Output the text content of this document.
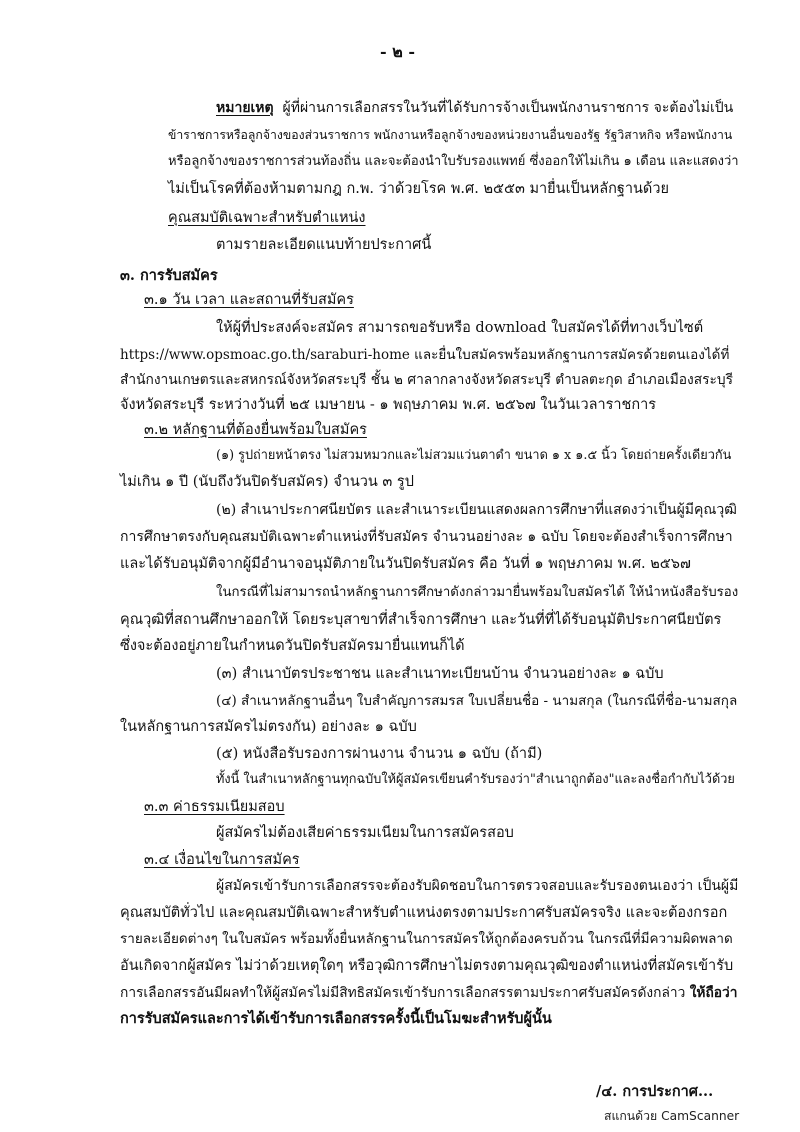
- ๒ -
หมายเหตุ ผู้ที่ผ่านการเลือกสรรในวันที่ได้รับการจ้างเป็นพนักงานราชการ จะต้องไม่เป็น
ข้าราชการหรือลูกจ้างของส่วนราชการ พนักงานหรือลูกจ้างของหน่วยงานอื่นของรัฐ รัฐวิสาหกิจ หรือพนักงาน
หรือลูกจ้างของราชการส่วนท้องถิ่น และจะต้องนำใบรับรองแพทย์ ซึ่งออกให้ไม่เกิน ๑ เดือน และแสดงว่า
ไม่เป็นโรคที่ต้องห้ามตามกฎ ก.พ. ว่าด้วยโรค พ.ศ. ๒๕๕๓ มายื่นเป็นหลักฐานด้วย
คุณสมบัติเฉพาะสำหรับตำแหน่ง
ตามรายละเอียดแนบท้ายประกาศนี้
๓. การรับสมัคร
๓.๑ วัน เวลา และสถานที่รับสมัคร
ให้ผู้ที่ประสงค์จะสมัคร สามารถขอรับหรือ download ใบสมัครได้ที่ทางเว็บไซต์
https://www.opsmoac.go.th/saraburi-home และยื่นใบสมัครพร้อมหลักฐานการสมัครด้วยตนเองได้ที่
สำนักงานเกษตรและสหกรณ์จังหวัดสระบุรี ชั้น ๒ ศาลากลางจังหวัดสระบุรี ตำบลตะกุด อำเภอเมืองสระบุรี
จังหวัดสระบุรี ระหว่างวันที่ ๒๕ เมษายน - ๑ พฤษภาคม พ.ศ. ๒๕๖๗ ในวันเวลาราชการ
๓.๒ หลักฐานที่ต้องยื่นพร้อมใบสมัคร
(๑) รูปถ่ายหน้าตรง ไม่สวมหมวกและไม่สวมแว่นตาดำ ขนาด ๑ x ๑.๕ นิ้ว โดยถ่ายครั้งเดียวกัน
ไม่เกิน ๑ ปี (นับถึงวันปิดรับสมัคร) จำนวน ๓ รูป
(๒) สำเนาประกาศนียบัตร และสำเนาระเบียนแสดงผลการศึกษาที่แสดงว่าเป็นผู้มีคุณวุฒิ
การศึกษาตรงกับคุณสมบัติเฉพาะตำแหน่งที่รับสมัคร จำนวนอย่างละ ๑ ฉบับ โดยจะต้องสำเร็จการศึกษา
และได้รับอนุมัติจากผู้มีอำนาจอนุมัติภายในวันปิดรับสมัคร คือ วันที่ ๑ พฤษภาคม พ.ศ. ๒๕๖๗
ในกรณีที่ไม่สามารถนำหลักฐานการศึกษาดังกล่าวมายื่นพร้อมใบสมัครได้ ให้นำหนังสือรับรอง
คุณวุฒิที่สถานศึกษาออกให้ โดยระบุสาขาที่สำเร็จการศึกษา และวันที่ที่ได้รับอนุมัติประกาศนียบัตร
ซึ่งจะต้องอยู่ภายในกำหนดวันปิดรับสมัครมายื่นแทนก็ได้
(๓) สำเนาบัตรประชาชน และสำเนาทะเบียนบ้าน จำนวนอย่างละ ๑ ฉบับ
(๔) สำเนาหลักฐานอื่นๆ ใบสำคัญการสมรส ใบเปลี่ยนชื่อ - นามสกุล (ในกรณีที่ชื่อ-นามสกุล
ในหลักฐานการสมัครไม่ตรงกัน) อย่างละ ๑ ฉบับ
(๕) หนังสือรับรองการผ่านงาน จำนวน ๑ ฉบับ (ถ้ามี)
ทั้งนี้ ในสำเนาหลักฐานทุกฉบับให้ผู้สมัครเขียนคำรับรองว่า"สำเนาถูกต้อง"และลงชื่อกำกับไว้ด้วย
๓.๓ ค่าธรรมเนียมสอบ
ผู้สมัครไม่ต้องเสียค่าธรรมเนียมในการสมัครสอบ
๓.๔ เงื่อนไขในการสมัคร
ผู้สมัครเข้ารับการเลือกสรรจะต้องรับผิดชอบในการตรวจสอบและรับรองตนเองว่า เป็นผู้มี
คุณสมบัติทั่วไป และคุณสมบัติเฉพาะสำหรับตำแหน่งตรงตามประกาศรับสมัครจริง และจะต้องกรอก
รายละเอียดต่างๆ ในใบสมัคร พร้อมทั้งยื่นหลักฐานในการสมัครให้ถูกต้องครบถ้วน ในกรณีที่มีความผิดพลาด
อันเกิดจากผู้สมัคร ไม่ว่าด้วยเหตุใดๆ หรือวุฒิการศึกษาไม่ตรงตามคุณวุฒิของตำแหน่งที่สมัครเข้ารับ
การเลือกสรรอันมีผลทำให้ผู้สมัครไม่มีสิทธิสมัครเข้ารับการเลือกสรรตามประกาศรับสมัครดังกล่าว ให้ถือว่า
การรับสมัครและการได้เข้ารับการเลือกสรรครั้งนี้เป็นโมฆะสำหรับผู้นั้น
/๔. การประกาศ...
สแกนด้วย CamScanner
